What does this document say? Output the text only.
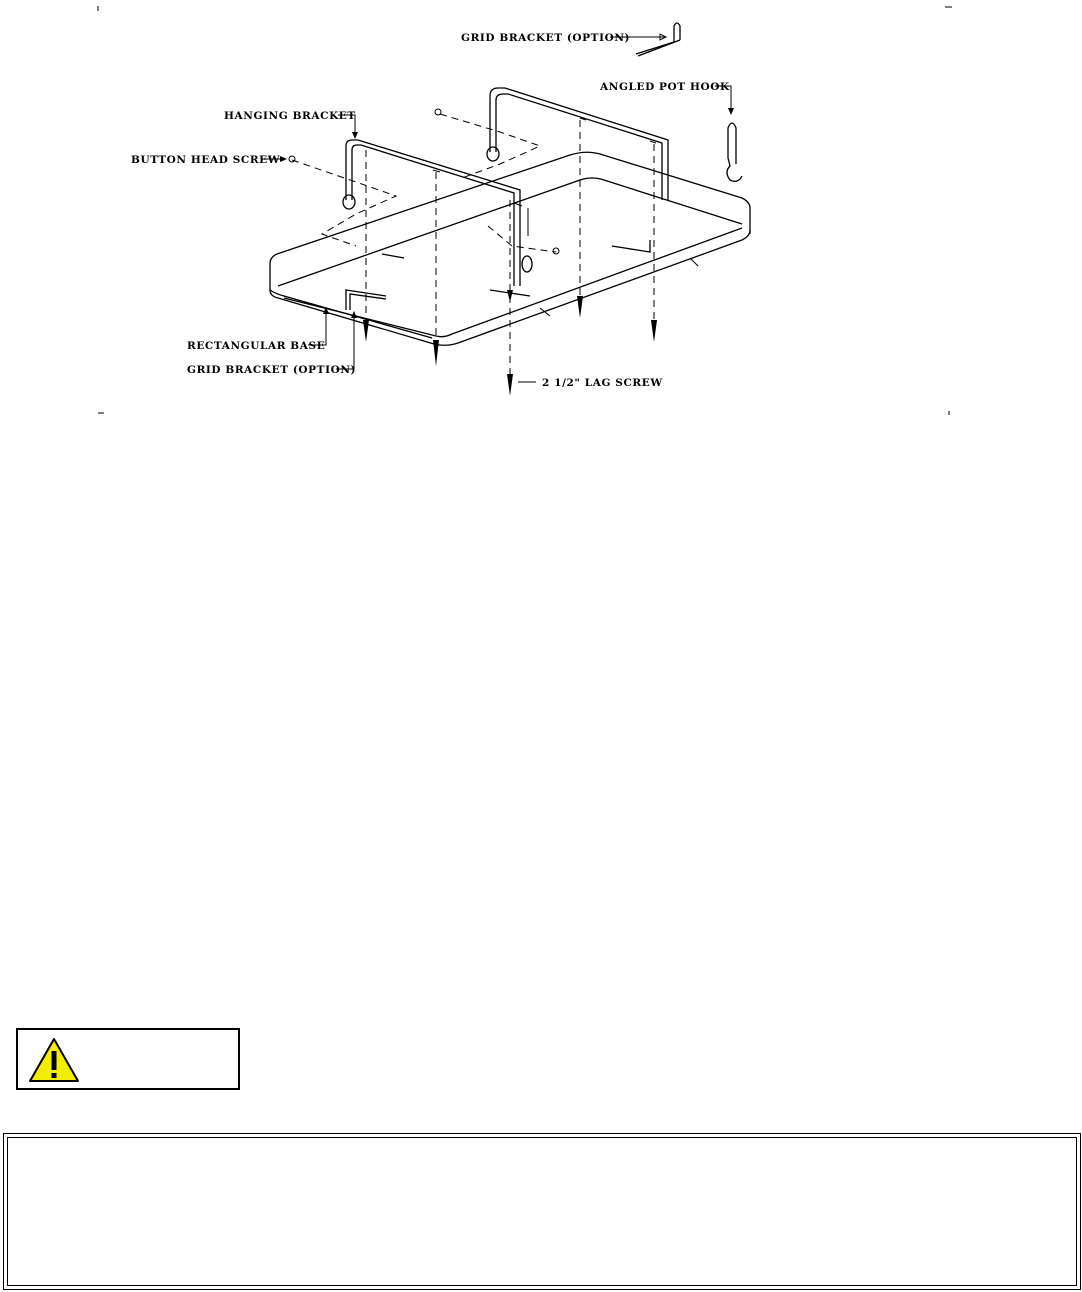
GRID BRACKET (OPTION)
ANGLED POT HOOK
HANGING BRACKET
BUTTON HEAD SCREW
RECTANGULAR BASE
GRID BRACKET (OPTION)
2 1/2" LAG SCREW
